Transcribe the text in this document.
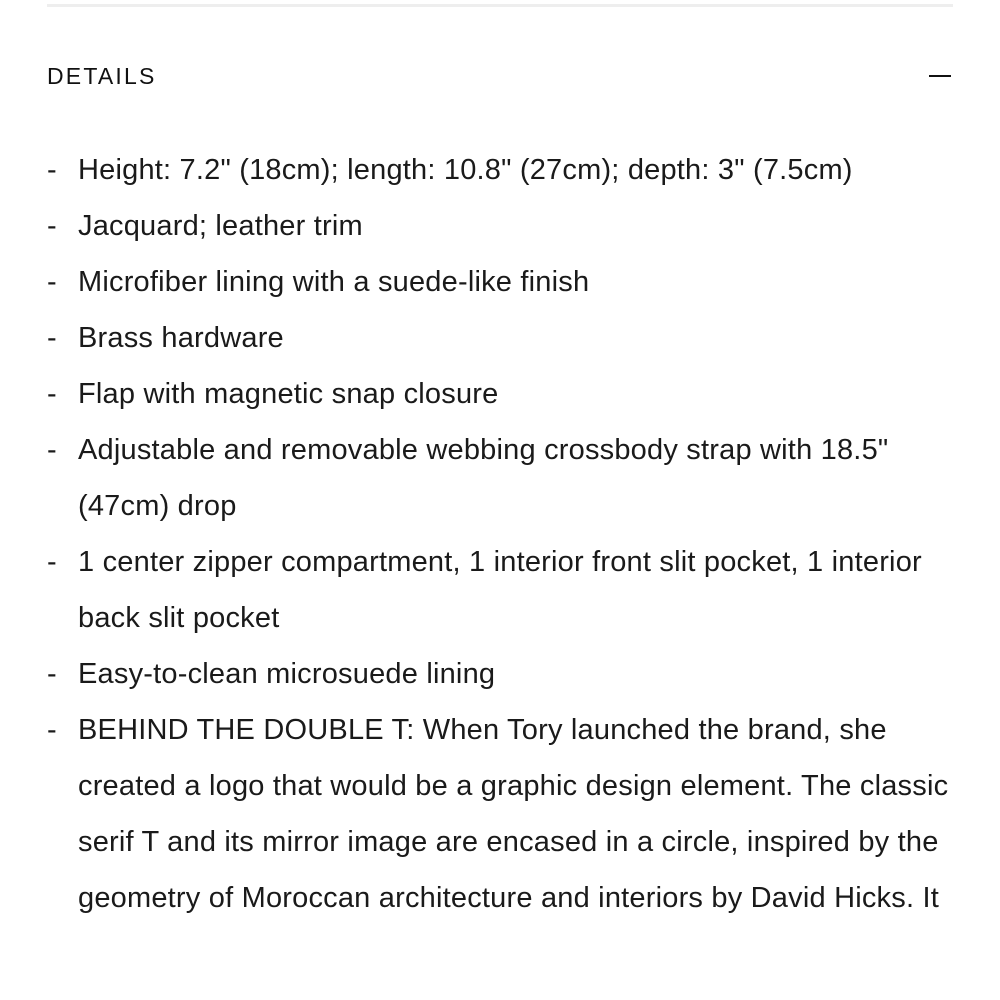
DETAILS
- Height: 7.2" (18cm); length: 10.8" (27cm); depth: 3" (7.5cm)
- Jacquard; leather trim
- Microfiber lining with a suede-like finish
- Brass hardware
- Flap with magnetic snap closure
- Adjustable and removable webbing crossbody strap with 18.5" (47cm) drop
- 1 center zipper compartment, 1 interior front slit pocket, 1 interior back slit pocket
- Easy-to-clean microsuede lining
- BEHIND THE DOUBLE T: When Tory launched the brand, she created a logo that would be a graphic design element. The classic serif T and its mirror image are encased in a circle, inspired by the geometry of Moroccan architecture and interiors by David Hicks. It
